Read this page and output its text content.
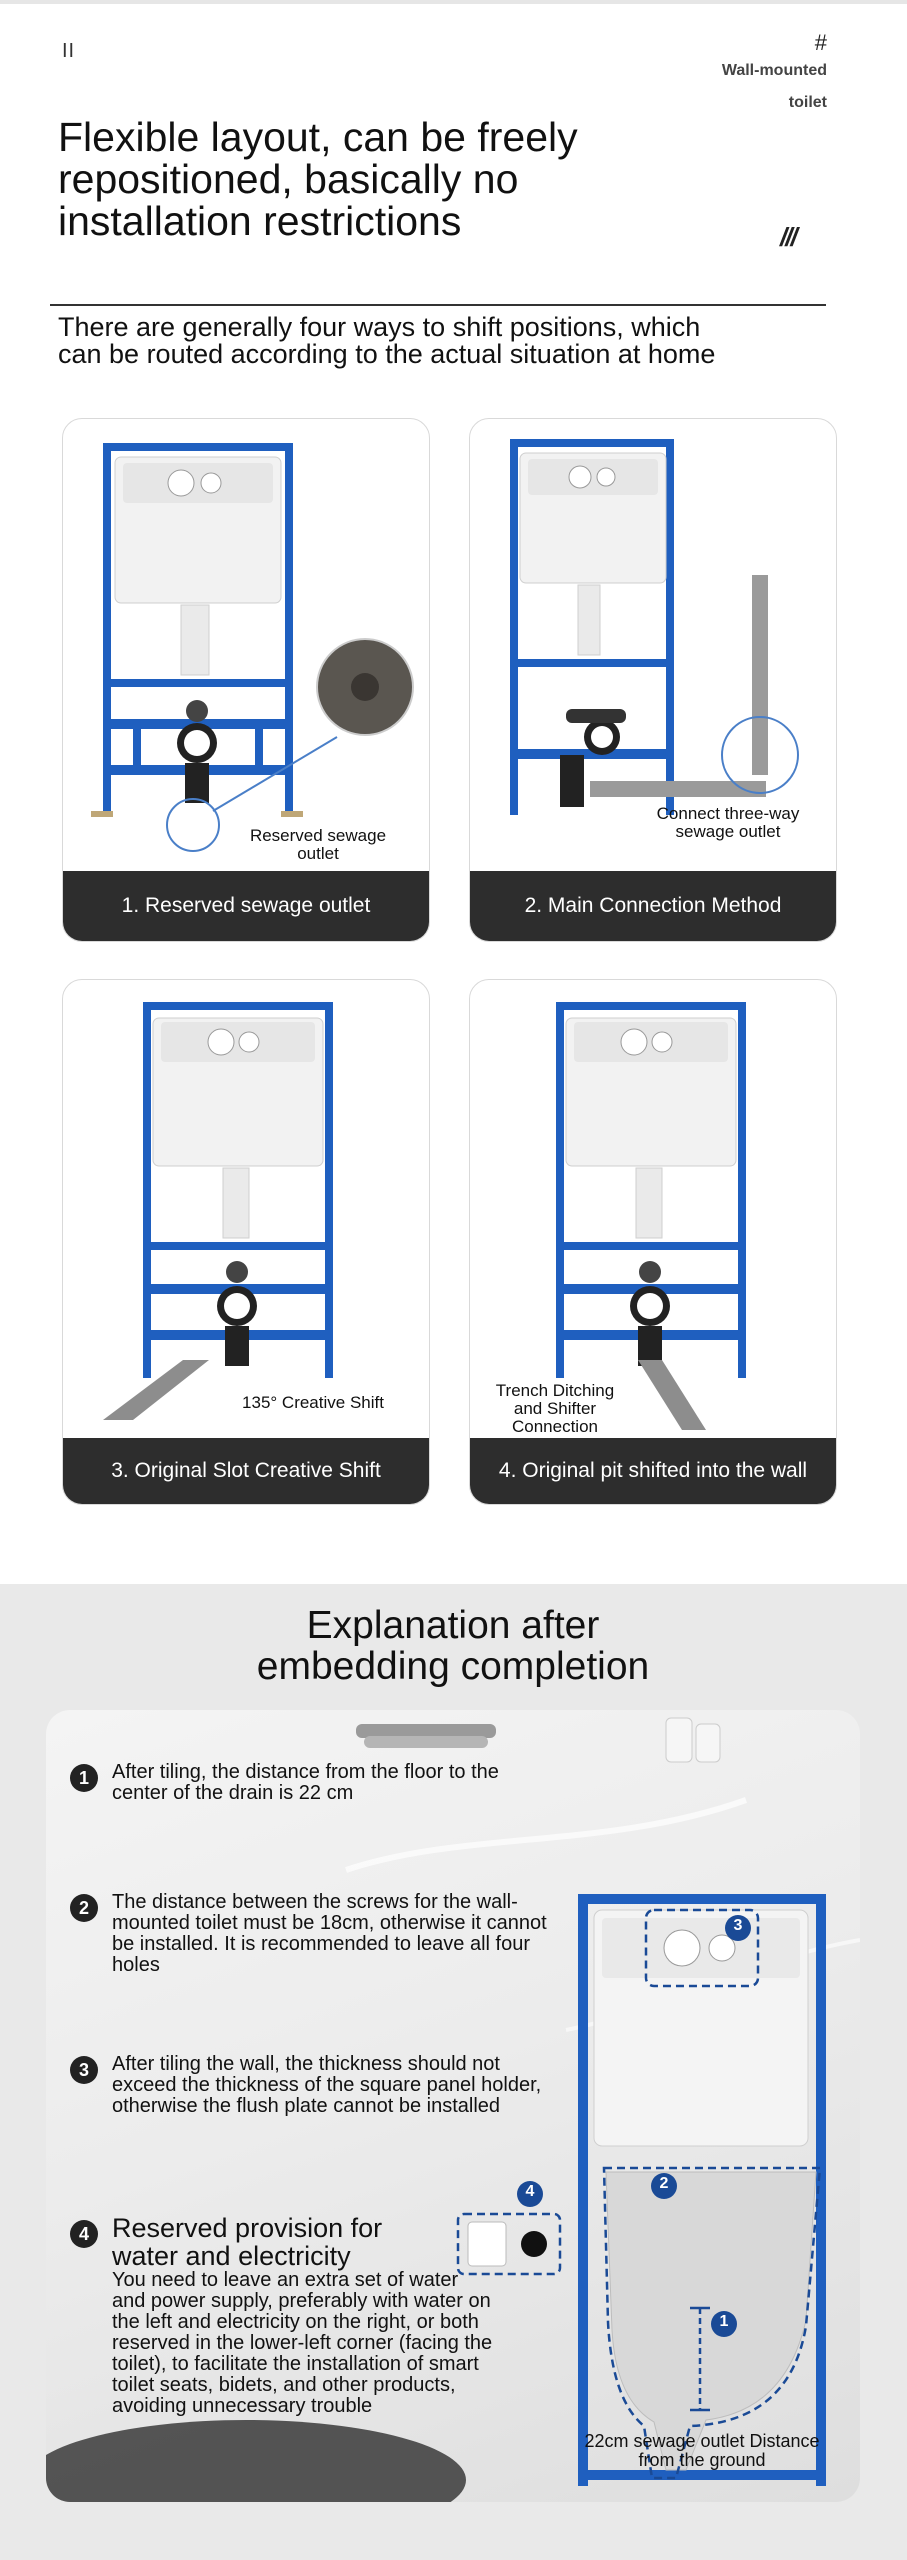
II	#
Wall-mounted
toilet
Flexible layout, can be freely repositioned, basically no installation restrictions	///

There are generally four ways to shift positions, which can be routed according to the actual situation at home

Reserved sewage outlet
1. Reserved sewage outlet
Connect three-way sewage outlet
2. Main Connection Method
135° Creative Shift
3. Original Slot Creative Shift
Trench Ditching and Shifter Connection
4. Original pit shifted into the wall
Explanation after embedding completion
3
2
1
4
1	After tiling, the distance from the floor to the center of the drain is 22 cm

2	The distance between the screws for the wall-mounted toilet must be 18cm, otherwise it cannot be installed. It is recommended to leave all four holes

3	After tiling the wall, the thickness should not exceed the thickness of the square panel holder, otherwise the flush plate cannot be installed

4 Reserved provision for water and electricity

You need to leave an extra set of water and power supply, preferably with water on the left and electricity on the right, or both reserved in the lower-left corner (facing the toilet), to facilitate the installation of smart toilet seats, bidets, and other products, avoiding unnecessary trouble

22cm sewage outlet Distance from the ground
